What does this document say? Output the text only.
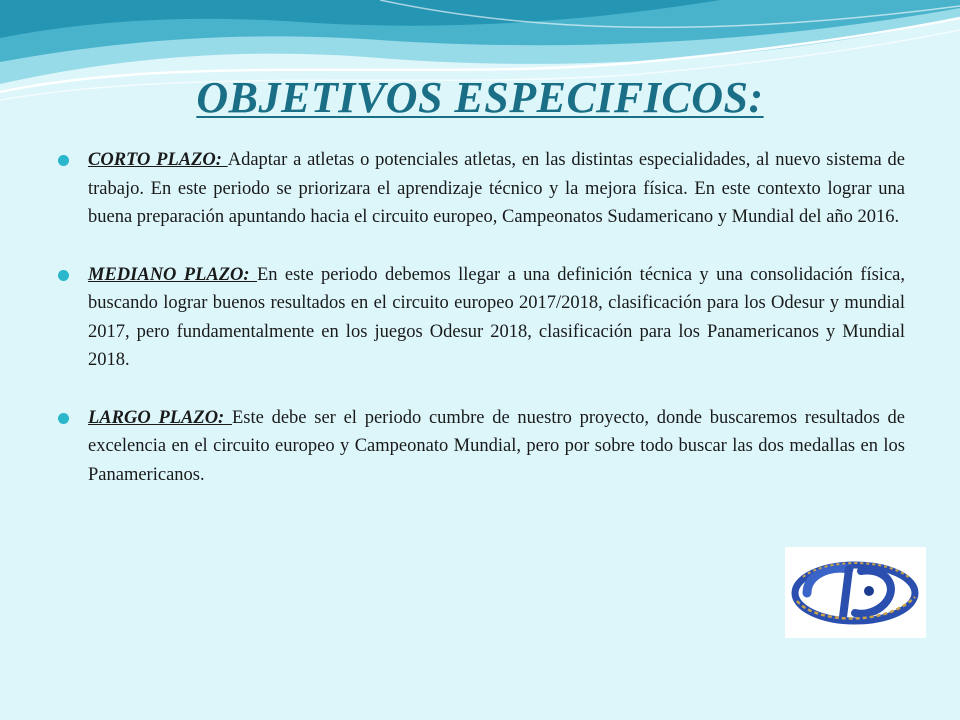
OBJETIVOS ESPECIFICOS:
CORTO PLAZO: Adaptar a atletas o potenciales atletas, en las distintas especialidades, al nuevo sistema de trabajo. En este periodo se priorizara el aprendizaje técnico y la mejora física. En este contexto lograr una buena preparación apuntando hacia el circuito europeo, Campeonatos Sudamericano y Mundial del año 2016.
MEDIANO PLAZO: En este periodo debemos llegar a una definición técnica y una consolidación física, buscando lograr buenos resultados en el circuito europeo 2017/2018, clasificación para los Odesur y mundial 2017, pero fundamentalmente en los juegos Odesur 2018, clasificación para los Panamericanos y Mundial 2018.
LARGO PLAZO: Este debe ser el periodo cumbre de nuestro proyecto, donde buscaremos resultados de excelencia en el circuito europeo y Campeonato Mundial, pero por sobre todo buscar las dos medallas en los Panamericanos.
